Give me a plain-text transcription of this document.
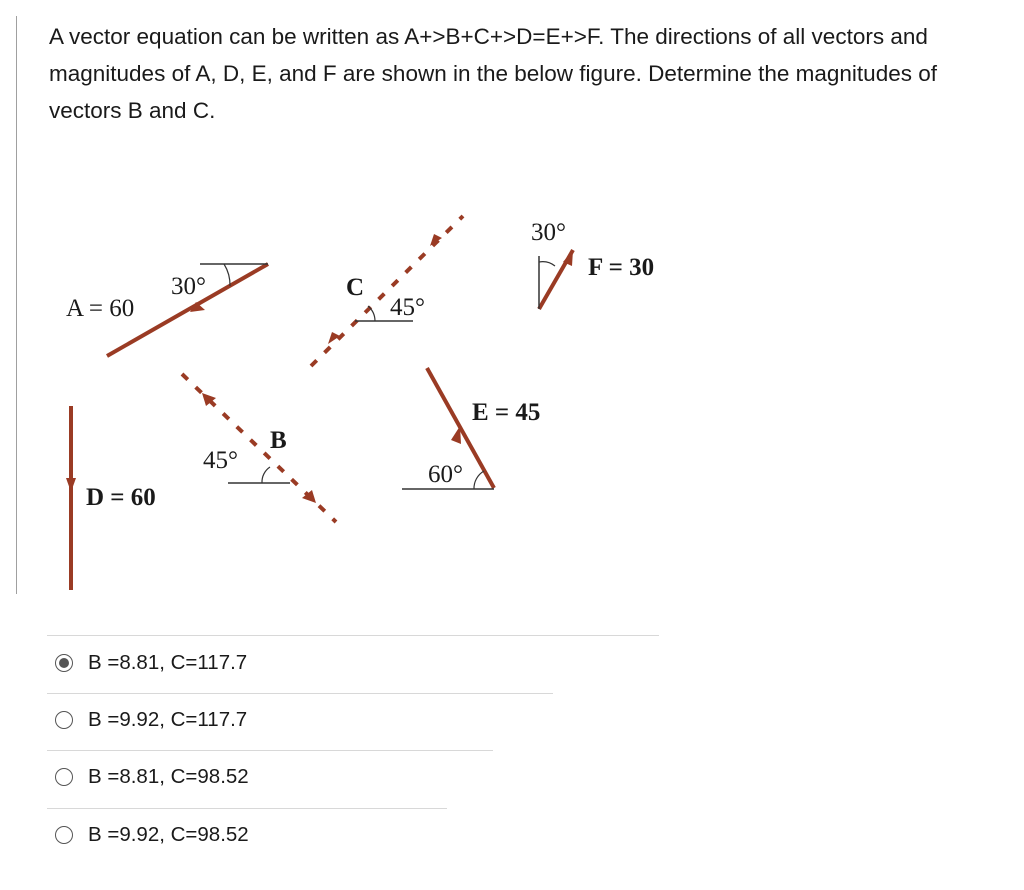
A vector equation can be written as A+>B+C+>D=E+>F. The directions of all vectors and magnitudes of A, D, E, and F are shown in the below figure. Determine the magnitudes of vectors B and C.

A = 60
30°	C
45°
30°
F = 30
D = 60
B
45°
E = 45
60°
B =8.81, C=117.7
B =9.92, C=117.7
B =8.81, C=98.52
B =9.92, C=98.52
